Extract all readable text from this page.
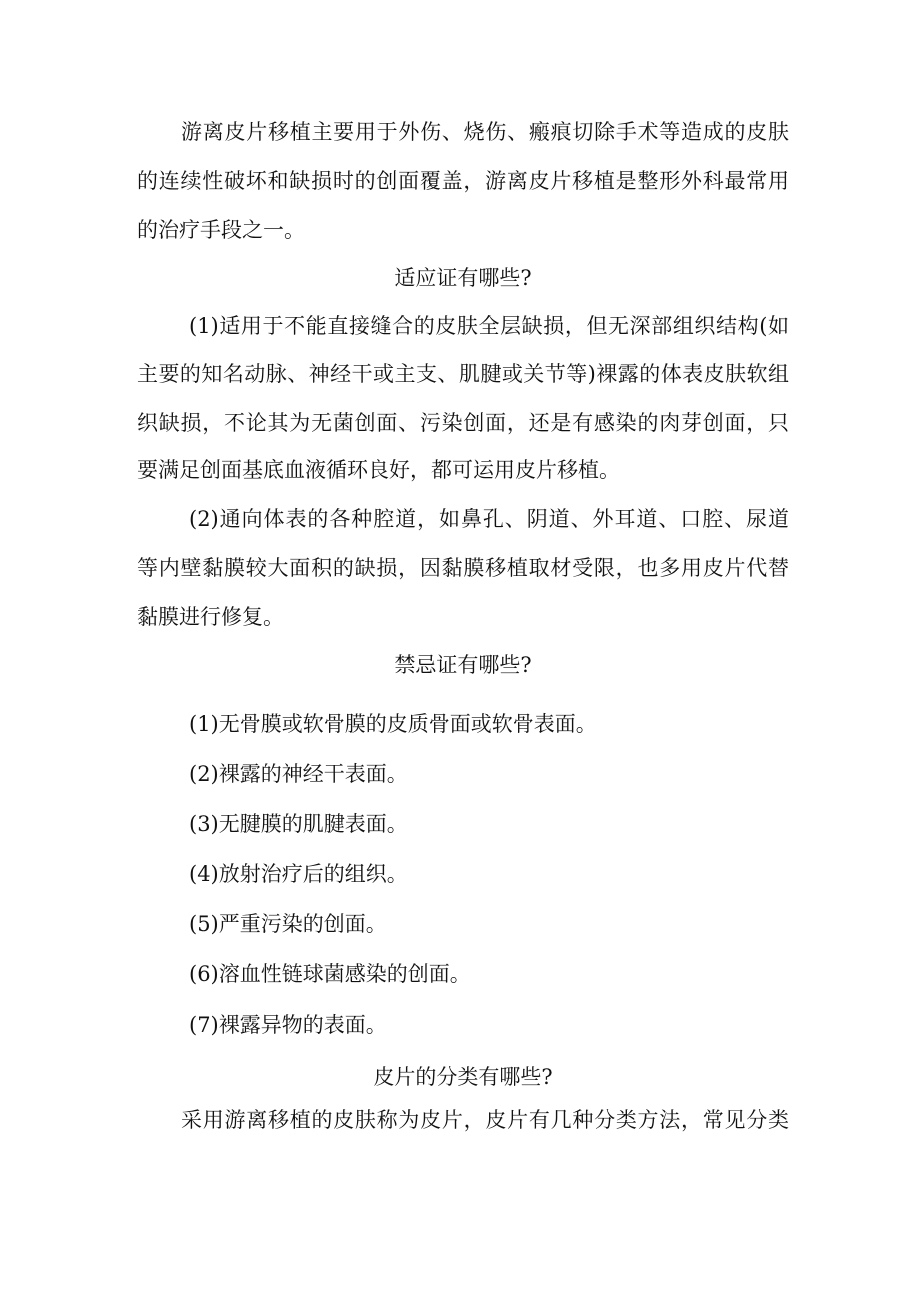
游离皮片移植主要用于外伤、烧伤、瘢痕切除手术等造成的皮肤
的连续性破坏和缺损时的创面覆盖，游离皮片移植是整形外科最常用
的治疗手段之一。
适应证有哪些?
(1)适用于不能直接缝合的皮肤全层缺损，但无深部组织结构(如
主要的知名动脉、神经干或主支、肌腱或关节等)裸露的体表皮肤软组
织缺损，不论其为无菌创面、污染创面，还是有感染的肉芽创面，只
要满足创面基底血液循环良好，都可运用皮片移植。
(2)通向体表的各种腔道，如鼻孔、阴道、外耳道、口腔、尿道
等内壁黏膜较大面积的缺损，因黏膜移植取材受限，也多用皮片代替
黏膜进行修复。
禁忌证有哪些?
(1)无骨膜或软骨膜的皮质骨面或软骨表面。
(2)裸露的神经干表面。
(3)无腱膜的肌腱表面。
(4)放射治疗后的组织。
(5)严重污染的创面。
(6)溶血性链球菌感染的创面。
(7)裸露异物的表面。
皮片的分类有哪些?
采用游离移植的皮肤称为皮片，皮片有几种分类方法，常见分类
